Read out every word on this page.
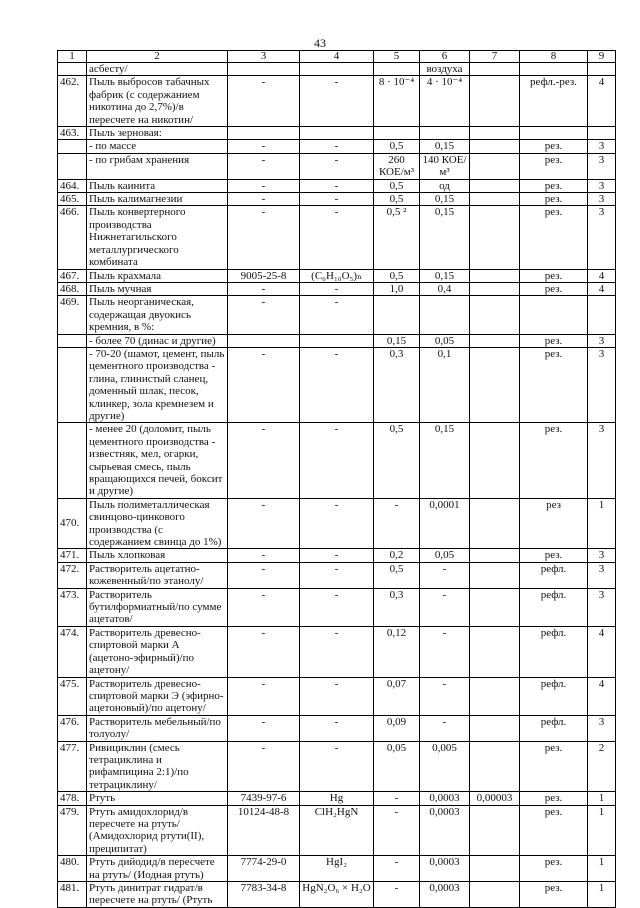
43
1	2	3	4	5	6	7	8	9
	асбесту/				воздуха			
462.	Пыль выбросов табачных фабрик (с содержанием никотина до 2,7%)/в пересчете на никотин/	-	-	8 · 10⁻⁴	4 · 10⁻⁴		рефл.-рез.	4
463.	Пыль зерновая:							
	- по массе	-	-	0,5	0,15		рез.	3
	- по грибам хранения	-	-	260 КОЕ/м³	140 КОЕ/м³		рез.	3
464.	Пыль каинита	-	-	0,5	од		рез.	3
465.	Пыль калимагнезии	-	-	0,5	0,15		рез.	3
466.	Пыль конвертерного производства Нижнетагильского металлургического комбината	-	-	0,5 ²	0,15		рез.	3
467.	Пыль крахмала	9005-25-8	(C₆H₁₀O₅)ₙ	0,5	0,15		рез.	4
468.	Пыль мучная	-	-	1,0	0,4		рез.	4
469.	Пыль неорганическая, содержащая двуокись кремния, в %:	-	-					
	- более 70 (динас и другие)			0,15	0,05		рез.	3
	- 70-20 (шамот, цемент, пыль цементного производства - глина, глинистый сланец, доменный шлак, песок, клинкер, зола кремнезем и другие)	-	-	0,3	0,1		рез.	3
	- менее 20 (доломит, пыль цементного производства - известняк, мел, огарки, сырьевая смесь, пыль вращающихся печей, боксит и другие)	-	-	0,5	0,15		рез.	3
470.	Пыль полиметаллическая свинцово-цинкового производства (с содержанием свинца до 1%)	-	-	-	0,0001		рез	1
471.	Пыль хлопковая	-	-	0,2	0,05		рез.	3
472.	Растворитель ацетатно-кожевенный/по этанолу/	-	-	0,5	-		рефл.	3
473.	Растворитель бутилформиатный/по сумме ацетатов/	-	-	0,3	-		рефл.	3
474.	Растворитель древесно-спиртовой марки А (ацетоно-эфирный)/по ацетону/	-	-	0,12	-		рефл.	4
475.	Растворитель древесно-спиртовой марки Э (эфирно-ацетоновый)/по ацетону/	-	-	0,07	-		рефл.	4
476.	Растворитель мебельный/по толуолу/	-	-	0,09	-		рефл.	3
477.	Ривициклин (смесь тетрациклина и рифампицина 2:1)/по тетрациклину/	-	-	0,05	0,005		рез.	2
478.	Ртуть	7439-97-6	Hg	-	0,0003	0,00003	рез.	1
479.	Ртуть амидохлорид/в пересчете на ртуть/ (Амидохлорид ртути(II), преципитат)	10124-48-8	ClH₂HgN	-	0,0003		рез.	1
480.	Ртуть дийодид/в пересчете на ртуть/ (Иодная ртуть)	7774-29-0	HgI₂	-	0,0003		рез.	1
481.	Ртуть динитрат гидрат/в пересчете на ртуть/ (Ртуть	7783-34-8	HgN₂O₆ × H₂O	-	0,0003		рез.	1
